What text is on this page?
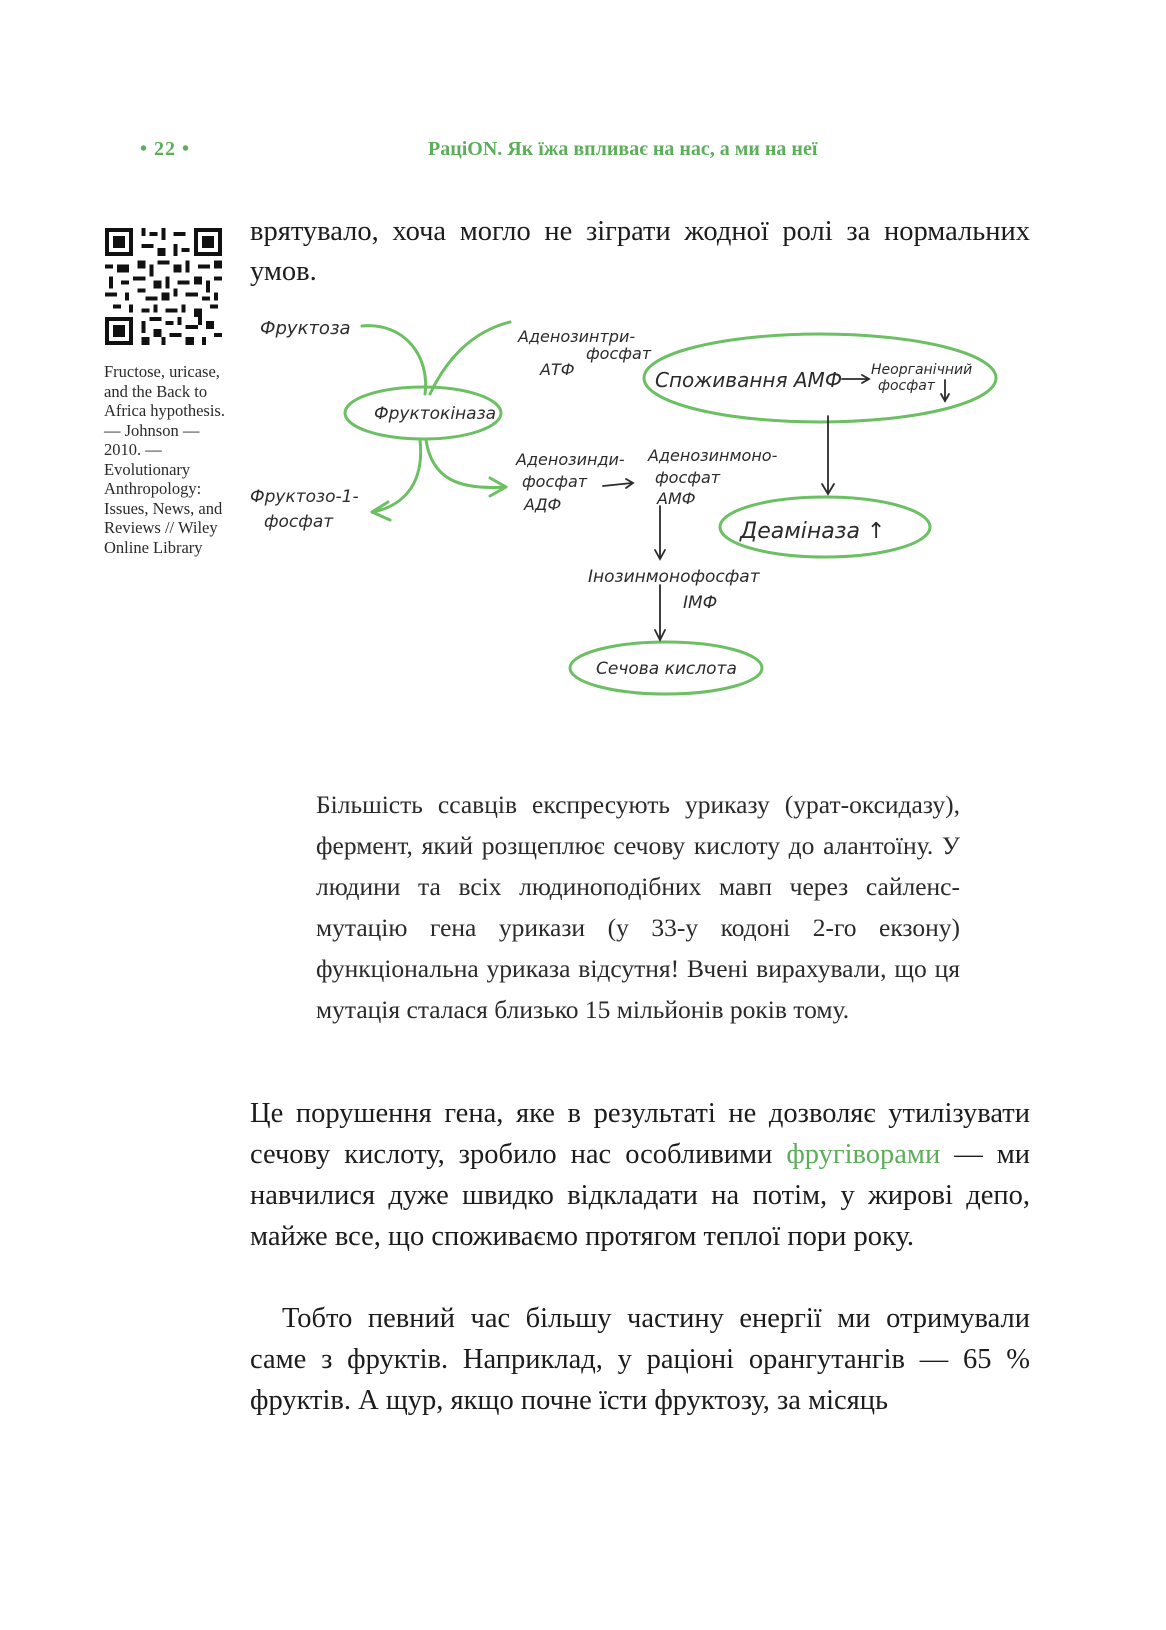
• 22 •	РаціON. Як їжа впливає на нас, а ми на неї
Fructose, uricase, and the Back to Africa hypothesis. — Johnson — 2010. — Evolutionary Anthropology: Issues, News, and Reviews // Wiley Online Library
врятувало, хоча могло не зіграти жодної ролі за нормальних умов.
Фруктоза
Фруктокіназа
Аденозинтри-
фосфат
АТФ
Фруктозо-1-
фосфат
Аденозинди-
фосфат
АДФ
Аденозинмоно-
фосфат
АМФ
Споживання АМФ Неорганічний
фосфат
Деаміназа ↑
Інозинмонофосфат
ІМФ
Сечова кислота
Більшість ссавців експресують уриказу (урат-оксидазу), фермент, який розщеплює сечову кислоту до алантоїну. У людини та всіх людиноподібних мавп через сайленс-мутацію гена урикази (у 33-у кодоні 2-го екзону) функціональна уриказа відсутня! Вчені вирахували, що ця мутація сталася близько 15 мільйонів років тому.
Це порушення гена, яке в результаті не дозволяє утилізувати сечову кислоту, зробило нас особливими фругіворами — ми навчилися дуже швидко відкладати на потім, у жирові депо, майже все, що споживаємо протягом теплої пори року.
Тобто певний час більшу частину енергії ми отримували саме з фруктів. Наприклад, у раціоні орангутангів — 65 % фруктів. А щур, якщо почне їсти фруктозу, за місяць
